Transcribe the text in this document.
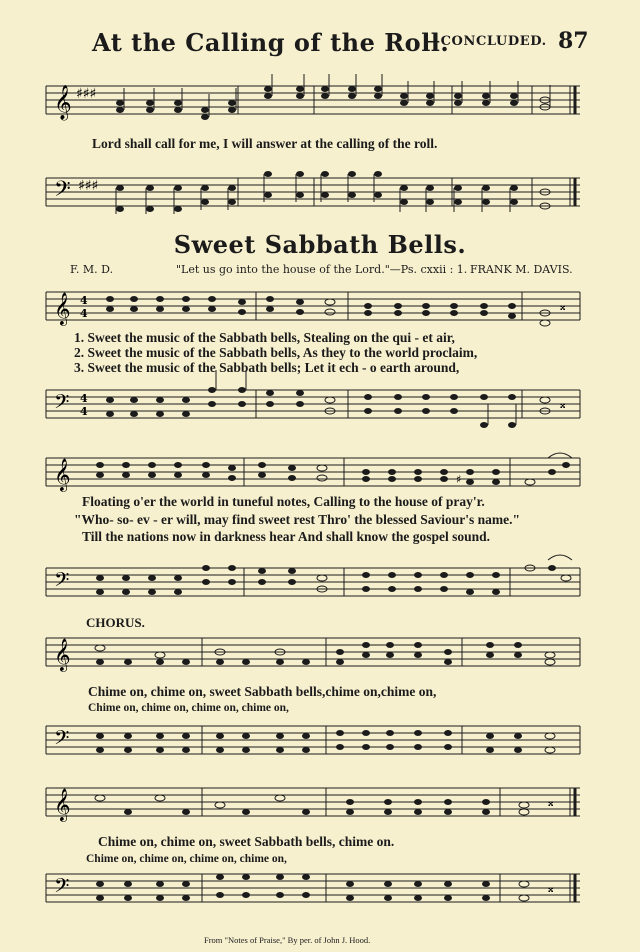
At the Calling of the Roll.
—CONCLUDED. 87
𝄞 ♯♯♯
Lord shall call for me, I will answer at the calling of the roll.
𝄢 ♯♯♯
Sweet Sabbath Bells.
F. M. D.	"Let us go into the house of the Lord."—Ps. cxxii : 1. FRANK M. DAVIS.
𝄞 4
4
𝄪
1. Sweet the music of the Sabbath bells, Stealing on the qui - et air,
2. Sweet the music of the Sabbath bells, As they to the world proclaim,
3. Sweet the music of the Sabbath bells; Let it ech - o earth around,
𝄢 4
4
𝄪
𝄞	♯
Floating o'er the world in tuneful notes, Calling to the house of pray'r.
"Who- so- ev - er will, may find sweet rest Thro' the blessed Saviour's name."
Till the nations now in darkness hear And shall know the gospel sound.
𝄢
CHORUS.
𝄞
Chime on, chime on, sweet Sabbath bells,chime on,chime on,
Chime on, chime on, chime on, chime on,
𝄢
𝄞	𝄪
Chime on, chime on, sweet Sabbath bells, chime on.
Chime on, chime on, chime on, chime on,
𝄢	𝄪
From "Notes of Praise," By per. of John J. Hood.
